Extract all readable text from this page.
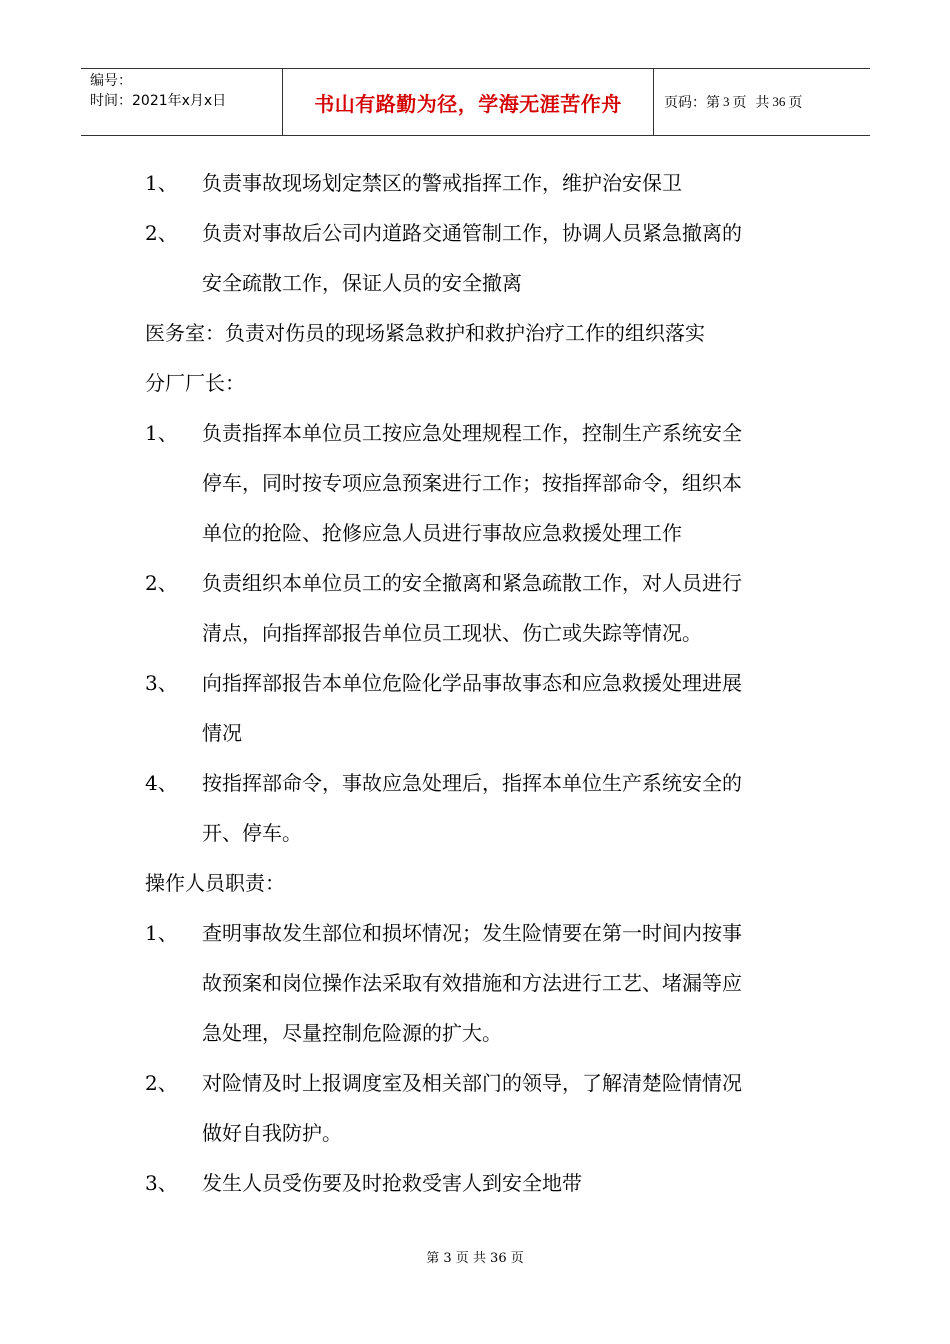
编号：
时间：2021年x月x日	书山有路勤为径，学海无涯苦作舟	页码：第 3 页  共 36 页
1、 负责事故现场划定禁区的警戒指挥工作，维护治安保卫
2、 负责对事故后公司内道路交通管制工作，协调人员紧急撤离的
安全疏散工作，保证人员的安全撤离
医务室：负责对伤员的现场紧急救护和救护治疗工作的组织落实
分厂厂长：
1、 负责指挥本单位员工按应急处理规程工作，控制生产系统安全
停车，同时按专项应急预案进行工作；按指挥部命令，组织本
单位的抢险、抢修应急人员进行事故应急救援处理工作
2、 负责组织本单位员工的安全撤离和紧急疏散工作，对人员进行
清点，向指挥部报告单位员工现状、伤亡或失踪等情况。
3、 向指挥部报告本单位危险化学品事故事态和应急救援处理进展
情况
4、 按指挥部命令，事故应急处理后，指挥本单位生产系统安全的
开、停车。
操作人员职责：
1、 查明事故发生部位和损坏情况；发生险情要在第一时间内按事
故预案和岗位操作法采取有效措施和方法进行工艺、堵漏等应
急处理，尽量控制危险源的扩大。
2、 对险情及时上报调度室及相关部门的领导，了解清楚险情情况
做好自我防护。
3、 发生人员受伤要及时抢救受害人到安全地带
第 3 页 共 36 页
